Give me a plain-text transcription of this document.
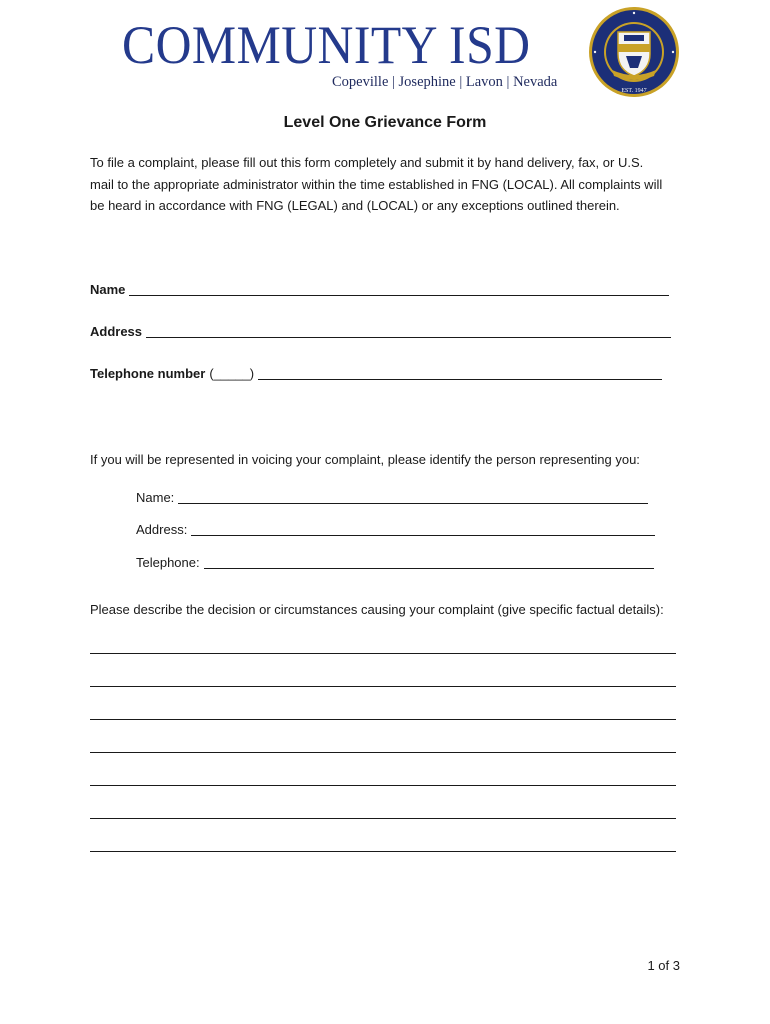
COMMUNITY ISD
Copeville | Josephine | Lavon | Nevada
EST. 1947
Level One Grievance Form
To file a complaint, please fill out this form completely and submit it by hand delivery, fax, or U.S. mail to the appropriate administrator within the time established in FNG (LOCAL). All complaints will be heard in accordance with FNG (LEGAL) and (LOCAL) or any exceptions outlined therein.
Name
Address
Telephone number (_____)
If you will be represented in voicing your complaint, please identify the person representing you:
Name:
Address:
Telephone:
Please describe the decision or circumstances causing your complaint (give specific factual details):
1 of 3
